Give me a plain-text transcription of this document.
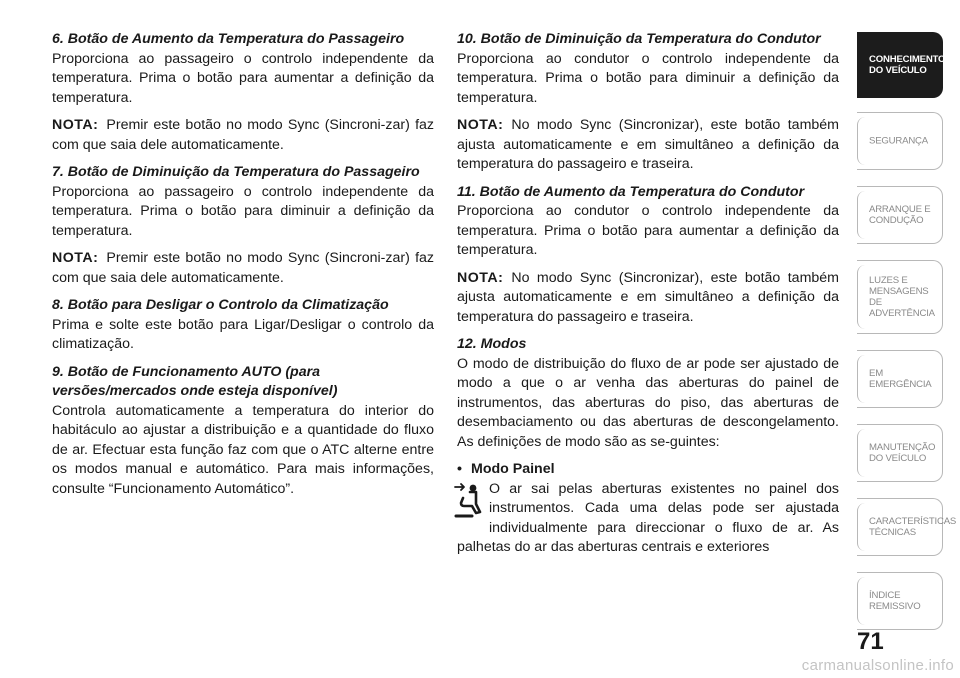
6. Botão de Aumento da Temperatura do Passageiro

Proporciona ao passageiro o controlo independente da temperatura. Prima o botão para aumentar a definição da temperatura.

NOTA: Premir este botão no modo Sync (Sincroni-zar) faz com que saia dele automaticamente.

7. Botão de Diminuição da Temperatura do Passageiro

Proporciona ao passageiro o controlo independente da temperatura. Prima o botão para diminuir a definição da temperatura.

NOTA: Premir este botão no modo Sync (Sincroni-zar) faz com que saia dele automaticamente.

8. Botão para Desligar o Controlo da Climatização

Prima e solte este botão para Ligar/Desligar o controlo da climatização.

9. Botão de Funcionamento AUTO (para versões/mercados onde esteja disponível)

Controla automaticamente a temperatura do interior do habitáculo ao ajustar a distribuição e a quantidade do fluxo de ar. Efectuar esta função faz com que o ATC alterne entre os modos manual e automático. Para mais informações, consulte “Funcionamento Automático”.

10. Botão de Diminuição da Temperatura do Condutor

Proporciona ao condutor o controlo independente da temperatura. Prima o botão para diminuir a definição da temperatura.

NOTA: No modo Sync (Sincronizar), este botão também ajusta automaticamente e em simultâneo a definição da temperatura do passageiro e traseira.

11. Botão de Aumento da Temperatura do Condutor

Proporciona ao condutor o controlo independente da temperatura. Prima o botão para aumentar a definição da temperatura.

NOTA: No modo Sync (Sincronizar), este botão também ajusta automaticamente e em simultâneo a definição da temperatura do passageiro e traseira.

12. Modos

O modo de distribuição do fluxo de ar pode ser ajustado de modo a que o ar venha das aberturas do painel de instrumentos, das aberturas do piso, das aberturas de desembaciamento ou das aberturas de descongelamento. As definições de modo são as se-guintes:

• Modo Painel

O ar sai pelas aberturas existentes no painel dos instrumentos. Cada uma delas pode ser ajustada individualmente para direccionar o fluxo de ar. As palhetas do ar das aberturas centrais e exteriores

CONHECIMENTO DO VEÍCULO
SEGURANÇA
ARRANQUE E CONDUÇÃO
LUZES E MENSAGENS DE ADVERTÊNCIA
EM EMERGÊNCIA
MANUTENÇÃO DO VEÍCULO
CARACTERÍSTICAS TÉCNICAS
ÍNDICE REMISSIVO
71
carmanualsonline.info
